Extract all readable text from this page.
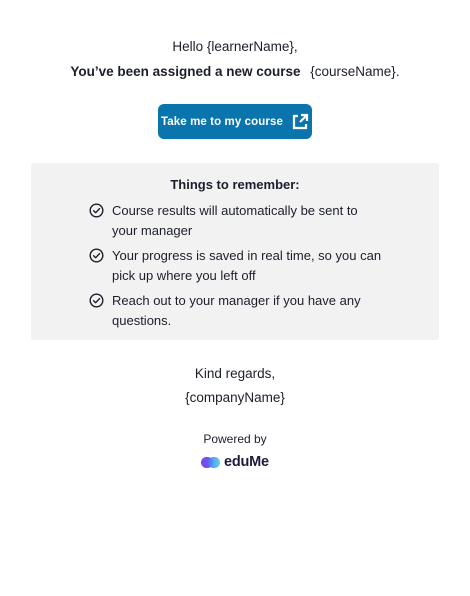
Hello {learnerName},
You’ve been assigned a new course {courseName}.
Take me to my course
Things to remember:
Course results will automatically be sent to
your manager
Your progress is saved in real time, so you can
pick up where you left off
Reach out to your manager if you have any
questions.
Kind regards,
{companyName}
Powered by
eduMe
